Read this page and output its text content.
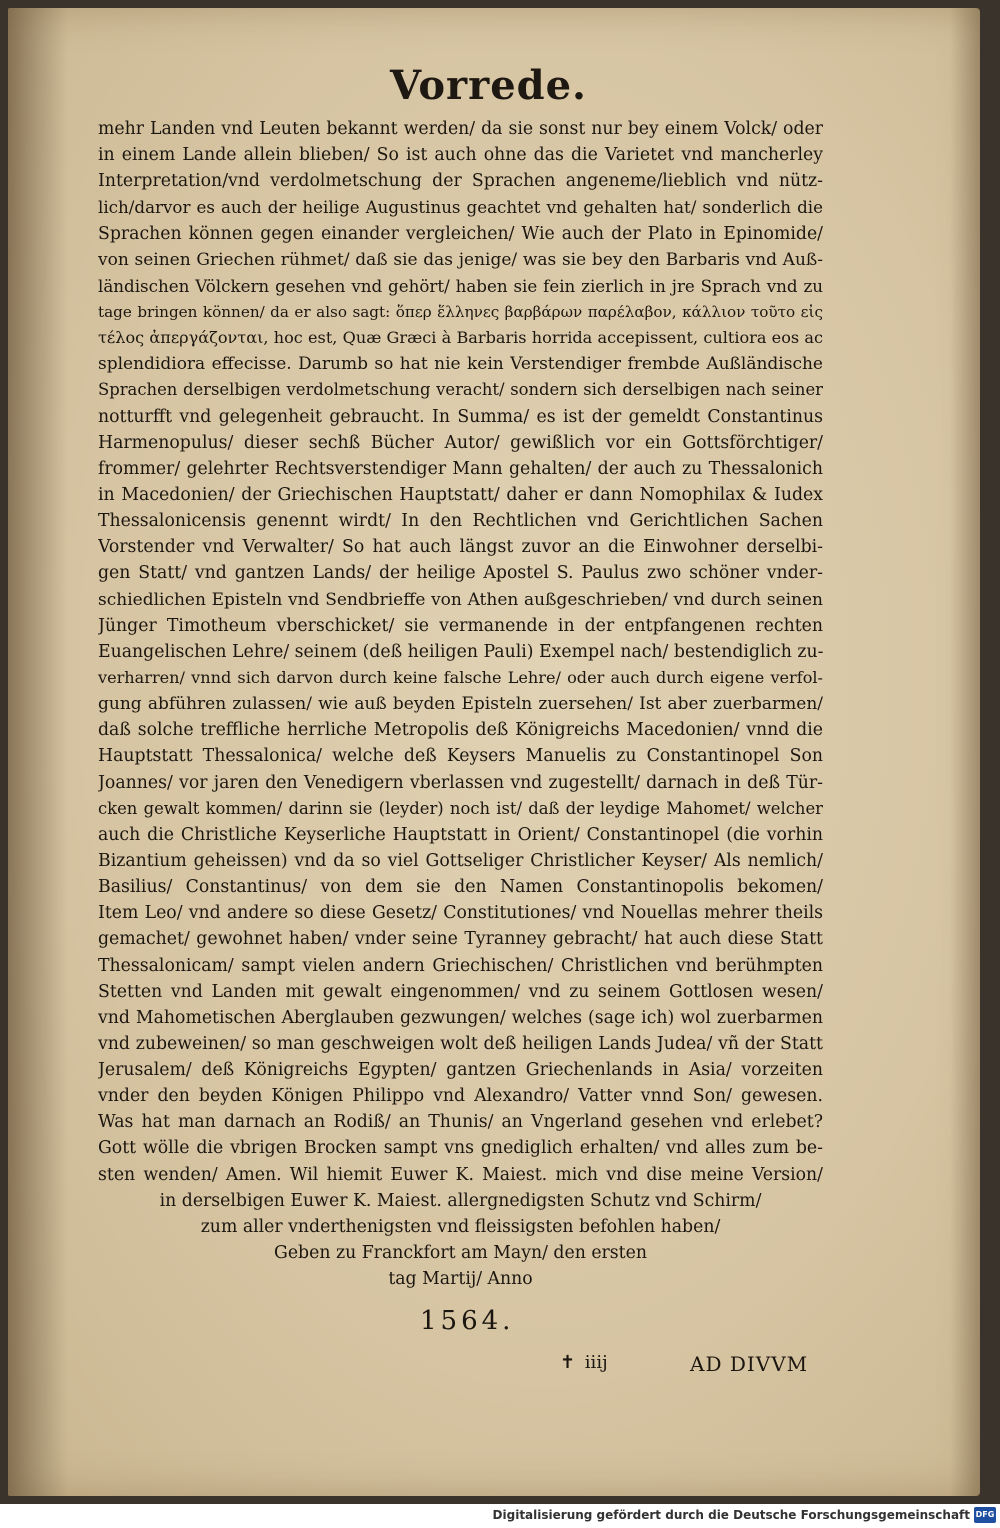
Vorrede.
mehr Landen vnd Leuten bekannt werden/ da sie sonst nur bey einem Volck/ oder
in einem Lande allein blieben/ So ist auch ohne das die Varietet vnd mancherley
Interpretation/vnd verdolmetschung der Sprachen angeneme/lieblich vnd nütz-
lich/darvor es auch der heilige Augustinus geachtet vnd gehalten hat/ sonderlich die
Sprachen können gegen einander vergleichen/ Wie auch der Plato in Epinomide/
von seinen Griechen rühmet/ daß sie das jenige/ was sie bey den Barbaris vnd Auß-
ländischen Völckern gesehen vnd gehört/ haben sie fein zierlich in jre Sprach vnd zu
tage bringen können/ da er also sagt: ὅπερ ἕλληνες βαρβάρων παρέλαβον, κάλλιον τοῦτο εἰς
τέλος ἀπεργάζονται, hoc est, Quæ Græci à Barbaris horrida accepissent, cultiora eos ac
splendidiora effecisse. Darumb so hat nie kein Verstendiger frembde Außländische
Sprachen derselbigen verdolmetschung veracht/ sondern sich derselbigen nach seiner
notturfft vnd gelegenheit gebraucht. In Summa/ es ist der gemeldt Constantinus
Harmenopulus/ dieser sechß Bücher Autor/ gewißlich vor ein Gottsförchtiger/
frommer/ gelehrter Rechtsverstendiger Mann gehalten/ der auch zu Thessalonich
in Macedonien/ der Griechischen Hauptstatt/ daher er dann Nomophilax & Iudex
Thessalonicensis genennt wirdt/ In den Rechtlichen vnd Gerichtlichen Sachen
Vorstender vnd Verwalter/ So hat auch längst zuvor an die Einwohner derselbi-
gen Statt/ vnd gantzen Lands/ der heilige Apostel S. Paulus zwo schöner vnder-
schiedlichen Episteln vnd Sendbrieffe von Athen außgeschrieben/ vnd durch seinen
Jünger Timotheum vberschicket/ sie vermanende in der entpfangenen rechten
Euangelischen Lehre/ seinem (deß heiligen Pauli) Exempel nach/ bestendiglich zu-
verharren/ vnnd sich darvon durch keine falsche Lehre/ oder auch durch eigene verfol-
gung abführen zulassen/ wie auß beyden Episteln zuersehen/ Ist aber zuerbarmen/
daß solche treffliche herrliche Metropolis deß Königreichs Macedonien/ vnnd die
Hauptstatt Thessalonica/ welche deß Keysers Manuelis zu Constantinopel Son
Joannes/ vor jaren den Venedigern vberlassen vnd zugestellt/ darnach in deß Tür-
cken gewalt kommen/ darinn sie (leyder) noch ist/ daß der leydige Mahomet/ welcher
auch die Christliche Keyserliche Hauptstatt in Orient/ Constantinopel (die vorhin
Bizantium geheissen) vnd da so viel Gottseliger Christlicher Keyser/ Als nemlich/
Basilius/ Constantinus/ von dem sie den Namen Constantinopolis bekomen/
Item Leo/ vnd andere so diese Gesetz/ Constitutiones/ vnd Nouellas mehrer theils
gemachet/ gewohnet haben/ vnder seine Tyranney gebracht/ hat auch diese Statt
Thessalonicam/ sampt vielen andern Griechischen/ Christlichen vnd berühmpten
Stetten vnd Landen mit gewalt eingenommen/ vnd zu seinem Gottlosen wesen/
vnd Mahometischen Aberglauben gezwungen/ welches (sage ich) wol zuerbarmen
vnd zubeweinen/ so man geschweigen wolt deß heiligen Lands Judea/ vñ der Statt
Jerusalem/ deß Königreichs Egypten/ gantzen Griechenlands in Asia/ vorzeiten
vnder den beyden Königen Philippo vnd Alexandro/ Vatter vnnd Son/ gewesen.
Was hat man darnach an Rodiß/ an Thunis/ an Vngerland gesehen vnd erlebet?
Gott wölle die vbrigen Brocken sampt vns gnediglich erhalten/ vnd alles zum be-
sten wenden/ Amen. Wil hiemit Euwer K. Maiest. mich vnd dise meine Version/
in derselbigen Euwer K. Maiest. allergnedigsten Schutz vnd Schirm/
zum aller vnderthenigsten vnd fleissigsten befohlen haben/
Geben zu Franckfort am Mayn/ den ersten
tag Martij/ Anno
1564.
✝ iiij	AD DIVVM
Digitalisierung gefördert durch die Deutsche Forschungsgemeinschaft DFG
